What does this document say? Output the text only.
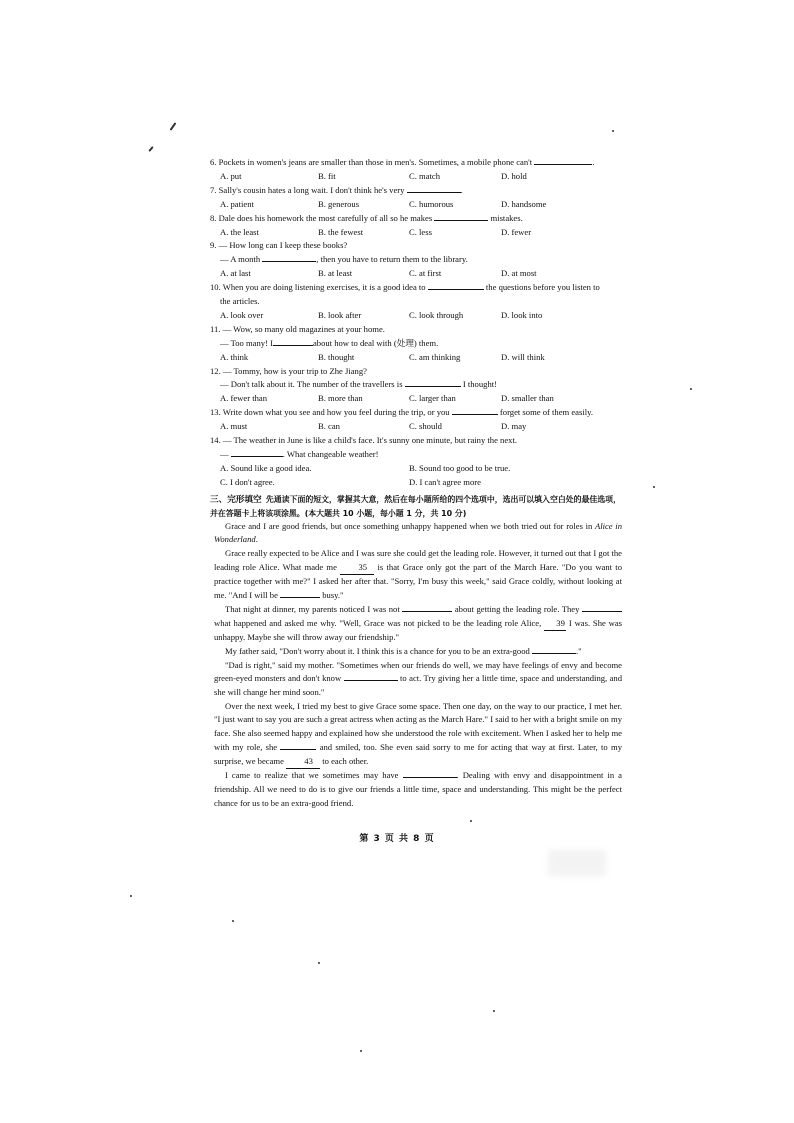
6. Pockets in women's jeans are smaller than those in men's. Sometimes, a mobile phone can't	.
A. put	B. fit	C. match	D. hold
7. Sally's cousin hates a long wait. I don't think he's very	.
A. patient	B. generous	C. humorous	D. handsome
8. Dale does his homework the most carefully of all so he makes	mistakes.
A. the least	B. the fewest	C. less	D. fewer
9. — How long can I keep these books?
— A month	, then you have to return them to the library.
A. at last	B. at least	C. at first	D. at most
10. When you are doing listening exercises, it is a good idea to	the questions before you listen to
the articles.
A. look over	B. look after	C. look through	D. look into
11. — Wow, so many old magazines at your home.
— Too many! I	about how to deal with (处理) them.
A. think	B. thought	C. am thinking	D. will think
12. — Tommy, how is your trip to Zhe Jiang?
— Don't talk about it. The number of the travellers is	I thought!
A. fewer than	B. more than	C. larger than	D. smaller than
13. Write down what you see and how you feel during the trip, or you	forget some of them easily.
A. must	B. can	C. should	D. may
14. — The weather in June is like a child's face. It's sunny one minute, but rainy the next.
—	. What changeable weather!
A. Sound like a good idea.	B. Sound too good to be true.
C. I don't agree.	D. I can't agree more
三、完形填空 先通读下面的短文，掌握其大意，然后在每小题所给的四个选项中，选出可以填入空白处的最佳选项，并在答题卡上将该项涂黑。(本大题共 10 小题，每小题 1 分，共 10 分)
Grace and I are good friends, but once something unhappy happened when we both tried out for roles in Alice in Wonderland.
Grace really expected to be Alice and I was sure she could get the leading role. However, it turned out that I got the leading role Alice. What made me	35 is that Grace only got the part of the March Hare. "Do you want to practice together with me?" I asked her after that. "Sorry, I'm busy this week," said Grace coldly, without looking at me. "And I will be	busy."
That night at dinner, my parents noticed I was not	about getting the leading role. They  what happened and asked me why. "Well, Grace was not picked to be the leading role Alice, 39 I was. She was unhappy. Maybe she will throw away our friendship."
My father said, "Don't worry about it. I think this is a chance for you to be an extra-good	."
"Dad is right," said my mother. "Sometimes when our friends do well, we may have feelings of envy and become green-eyed monsters and don't know	to act. Try giving her a little time, space and understanding, and she will change her mind soon."
Over the next week, I tried my best to give Grace some space. Then one day, on the way to our practice, I met her. "I just want to say you are such a great actress when acting as the March Hare." I said to her with a bright smile on my face. She also seemed happy and explained how she understood the role with excitement. When I asked her to help me with my role, she	and smiled, too. She even said sorry to me for acting that way at first. Later, to my surprise, we became 43 to each other.
I came to realize that we sometimes may have	. Dealing with envy and disappointment in a friendship. All we need to do is to give our friends a little time, space and understanding. This might be the perfect chance for us to be an extra-good friend.
第 3 页 共 8 页
